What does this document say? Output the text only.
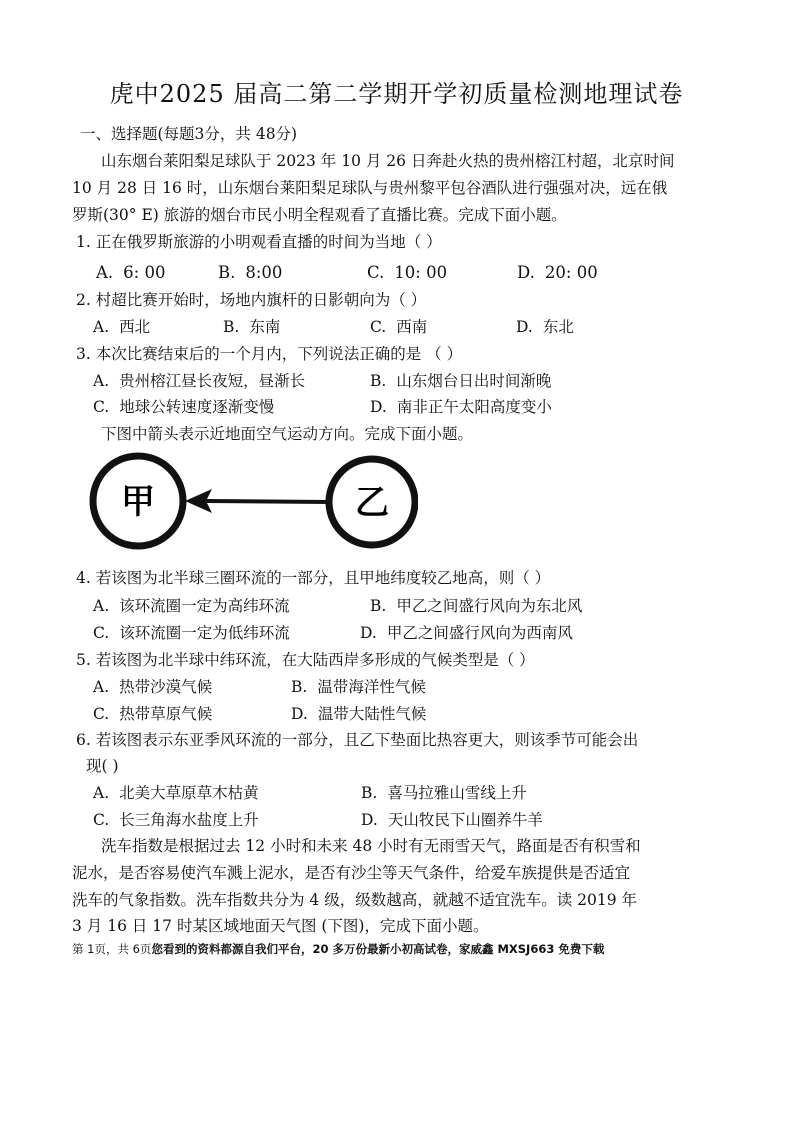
虎中2025 届高二第二学期开学初质量检测地理试卷
一、选择题(每题3分，共 48分)
山东烟台莱阳梨足球队于 2023 年 10 月 26 日奔赴火热的贵州榕江村超，北京时间
10 月 28 日 16 时，山东烟台莱阳梨足球队与贵州黎平包谷酒队进行强强对决，远在俄
罗斯(30° E) 旅游的烟台市民小明全程观看了直播比赛。完成下面小题。
1. 正在俄罗斯旅游的小明观看直播的时间为当地（ ）
A. 6: 00	B. 8:00	C. 10: 00	D. 20: 00
2. 村超比赛开始时，场地内旗杆的日影朝向为（ ）
A. 西北	B. 东南	C. 西南	D. 东北
3. 本次比赛结束后的一个月内，下列说法正确的是 （ ）
A. 贵州榕江昼长夜短，昼渐长	B. 山东烟台日出时间渐晚
C. 地球公转速度逐渐变慢	D. 南非正午太阳高度变小
下图中箭头表示近地面空气运动方向。完成下面小题。
甲	乙
4. 若该图为北半球三圈环流的一部分，且甲地纬度较乙地高，则（ ）
A. 该环流圈一定为高纬环流	B. 甲乙之间盛行风向为东北风
C. 该环流圈一定为低纬环流	D. 甲乙之间盛行风向为西南风
5. 若该图为北半球中纬环流，在大陆西岸多形成的气候类型是（ ）
A. 热带沙漠气候	B. 温带海洋性气候
C. 热带草原气候	D. 温带大陆性气候
6. 若该图表示东亚季风环流的一部分，且乙下垫面比热容更大，则该季节可能会出
现( )
A. 北美大草原草木枯黄	B. 喜马拉雅山雪线上升
C. 长三角海水盐度上升	D. 天山牧民下山圈养牛羊
洗车指数是根据过去 12 小时和未来 48 小时有无雨雪天气，路面是否有积雪和
泥水，是否容易使汽车溅上泥水，是否有沙尘等天气条件，给爱车族提供是否适宜
洗车的气象指数。洗车指数共分为 4 级，级数越高，就越不适宜洗车。读 2019 年
3 月 16 日 17 时某区域地面天气图 (下图)，完成下面小题。
第 1页，共 6页您看到的资料都源自我们平台，20 多万份最新小初高试卷，家威鑫 MXSJ663 免费下载
